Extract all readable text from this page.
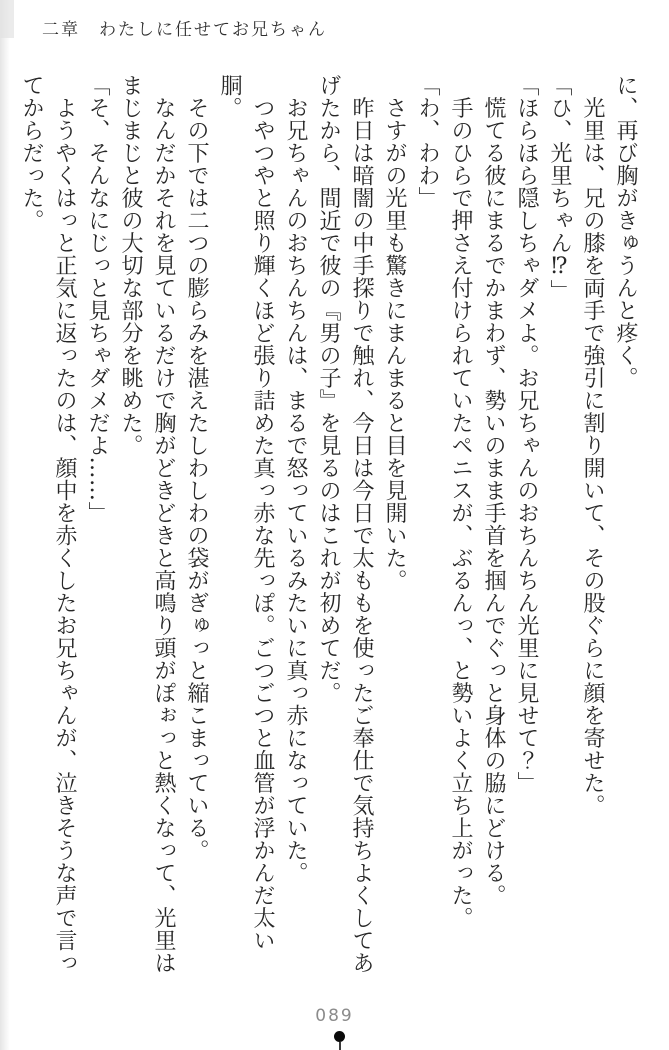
二章　わたしに任せてお兄ちゃん

に、再び胸がきゅうんと疼く。

　光里は、兄の膝を両手で強引に割り開いて、その股ぐらに顔を寄せた。

「ひ、光里ちゃん⁉」

「ほらほら隠しちゃダメよ。お兄ちゃんのおちんちん光里に見せて？」

　慌てる彼にまるでかまわず、勢いのまま手首を掴んでぐっと身体の脇にどける。

　手のひらで押さえ付けられていたペニスが、ぶるんっ、と勢いよく立ち上がった。

「わ、わわ」

　さすがの光里も驚きにまんまると目を見開いた。

　昨日は暗闇の中手探りで触れ、今日は今日で太ももを使ったご奉仕で気持ちよくしてあ

げたから、間近で彼の『男の子』を見るのはこれが初めてだ。

　お兄ちゃんのおちんちんは、まるで怒っているみたいに真っ赤になっていた。

　つやつやと照り輝くほど張り詰めた真っ赤な先っぽ。ごつごつと血管が浮かんだ太い胴。

　その下では二つの膨らみを湛えたしわしわの袋がぎゅっと縮こまっている。

　なんだかそれを見ているだけで胸がどきどきと高鳴り頭がぽぉっと熱くなって、光里は

まじまじと彼の大切な部分を眺めた。

「そ、そんなにじっと見ちゃダメだよ……」

　ようやくはっと正気に返ったのは、顔中を赤くしたお兄ちゃんが、泣きそうな声で言っ

てからだった。

089
